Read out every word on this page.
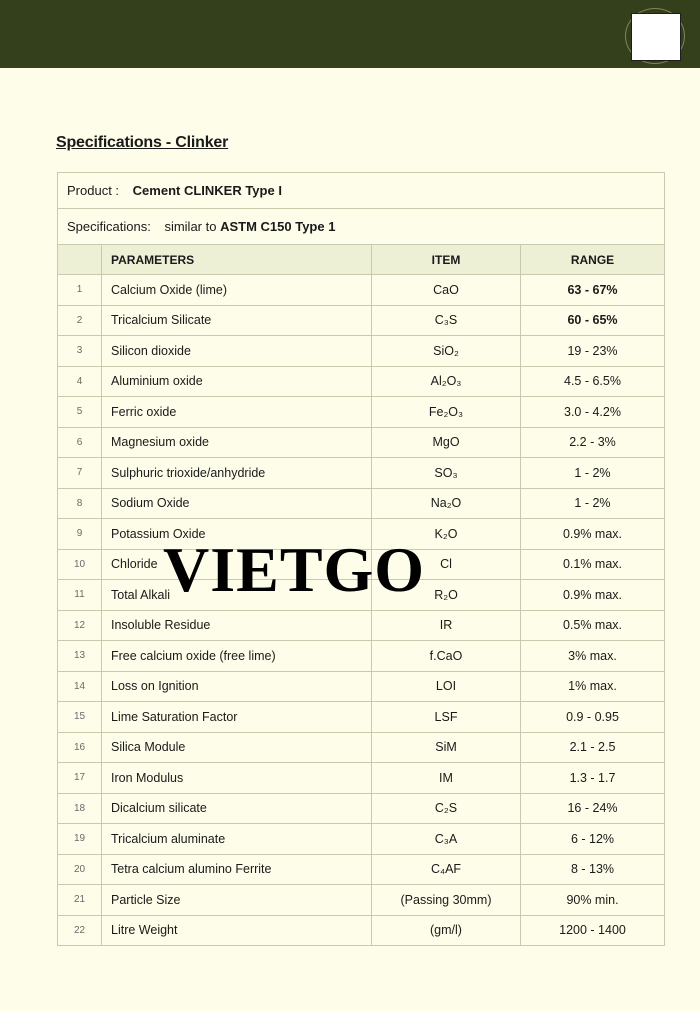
Specifications - Clinker
Product : Cement CLINKER Type I			
Specifications: similar to ASTM C150 Type 1			
	PARAMETERS	ITEM	RANGE
1	Calcium Oxide (lime)	CaO	63 - 67%
2	Tricalcium Silicate	C₃S	60 - 65%
3	Silicon dioxide	SiO₂	19 - 23%
4	Aluminium oxide	Al₂O₃	4.5 - 6.5%
5	Ferric oxide	Fe₂O₃	3.0 - 4.2%
6	Magnesium oxide	MgO	2.2 - 3%
7	Sulphuric trioxide/anhydride	SO₃	1 - 2%
8	Sodium Oxide	Na₂O	1 - 2%
9	Potassium Oxide	K₂O	0.9% max.
10	Chloride	Cl	0.1% max.
11	Total Alkali	R₂O	0.9% max.
12	Insoluble Residue	IR	0.5% max.
13	Free calcium oxide (free lime)	f.CaO	3% max.
14	Loss on Ignition	LOI	1% max.
15	Lime Saturation Factor	LSF	0.9 - 0.95
16	Silica Module	SiM	2.1 - 2.5
17	Iron Modulus	IM	1.3 - 1.7
18	Dicalcium silicate	C₂S	16 - 24%
19	Tricalcium aluminate	C₃A	6 - 12%
20	Tetra calcium alumino Ferrite	C₄AF	8 - 13%
21	Particle Size	(Passing 30mm)	90% min.
22	Litre Weight	(gm/l)	1200 - 1400
VIETGO
